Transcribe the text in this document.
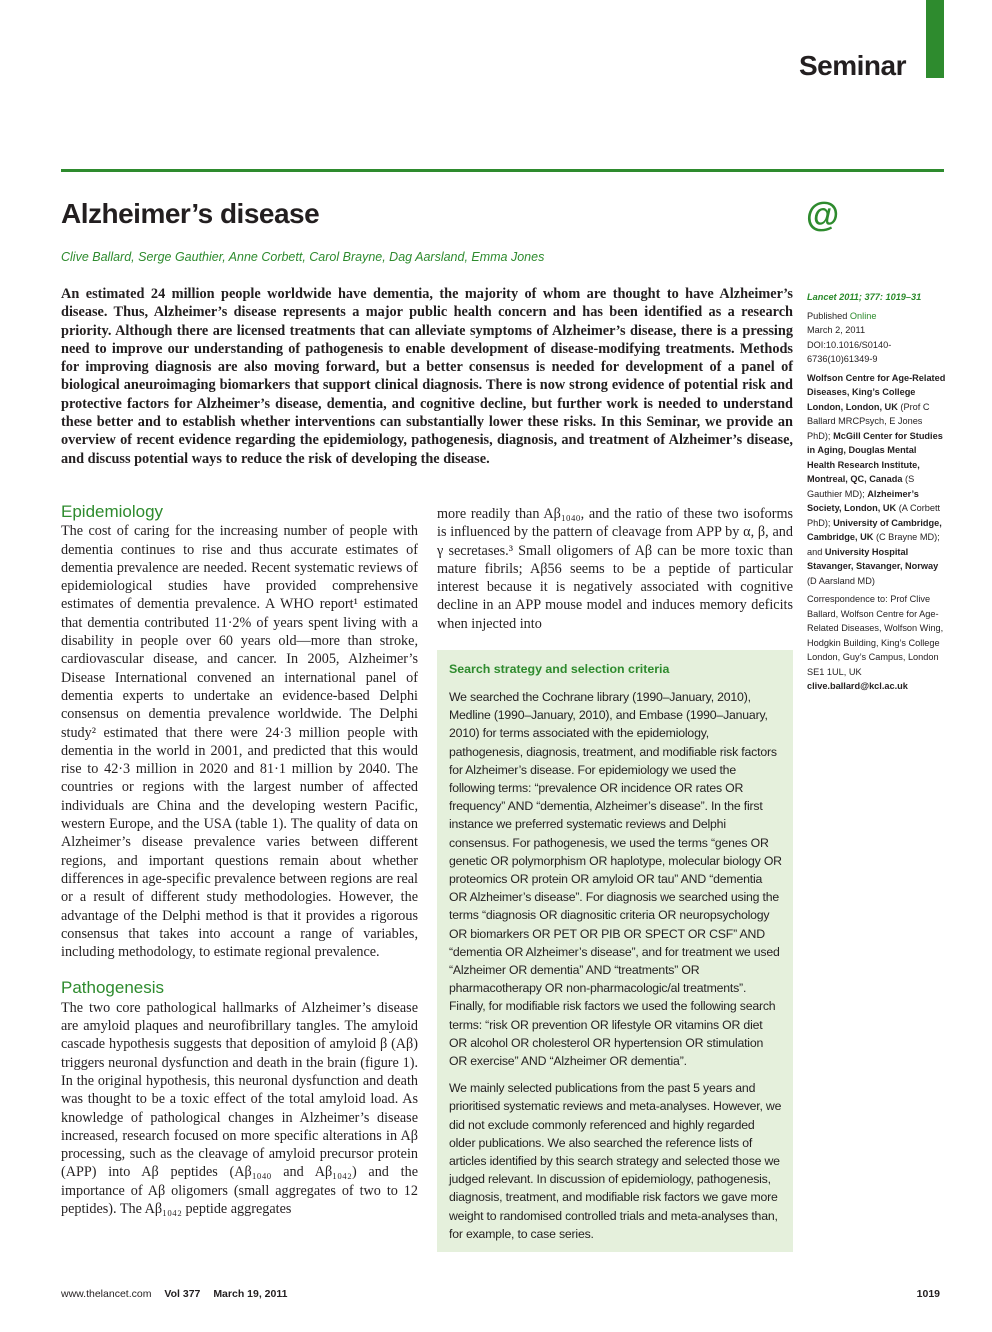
Seminar
Alzheimer’s disease	@
Clive Ballard, Serge Gauthier, Anne Corbett, Carol Brayne, Dag Aarsland, Emma Jones
An estimated 24 million people worldwide have dementia, the majority of whom are thought to have Alzheimer’s disease. Thus, Alzheimer’s disease represents a major public health concern and has been identified as a research priority. Although there are licensed treatments that can alleviate symptoms of Alzheimer’s disease, there is a pressing need to improve our understanding of pathogenesis to enable development of disease-modifying treatments. Methods for improving diagnosis are also moving forward, but a better consensus is needed for development of a panel of biological aneuroimaging biomarkers that support clinical diagnosis. There is now strong evidence of potential risk and protective factors for Alzheimer’s disease, dementia, and cognitive decline, but further work is needed to understand these better and to establish whether interventions can substantially lower these risks. In this Seminar, we provide an overview of recent evidence regarding the epidemiology, pathogenesis, diagnosis, and treatment of Alzheimer’s disease, and discuss potential ways to reduce the risk of developing the disease.
Epidemiology

The cost of caring for the increasing number of people with dementia continues to rise and thus accurate estimates of dementia prevalence are needed. Recent systematic reviews of epidemiological studies have provided comprehensive estimates of dementia prevalence. A WHO report¹ estimated that dementia contributed 11·2% of years spent living with a disability in people over 60 years old—more than stroke, cardiovascular disease, and cancer. In 2005, Alzheimer’s Disease International convened an international panel of dementia experts to undertake an evidence-based Delphi consensus on dementia prevalence worldwide. The Delphi study² estimated that there were 24·3 million people with dementia in the world in 2001, and predicted that this would rise to 42·3 million in 2020 and 81·1 million by 2040. The countries or regions with the largest number of affected individuals are China and the developing western Pacific, western Europe, and the USA (table 1). The quality of data on Alzheimer’s disease prevalence varies between different regions, and important questions remain about whether differences in age-specific prevalence between regions are real or a result of different study methodologies. However, the advantage of the Delphi method is that it provides a rigorous consensus that takes into account a range of variables, including methodology, to estimate regional prevalence.

Pathogenesis

The two core pathological hallmarks of Alzheimer’s disease are amyloid plaques and neurofibrillary tangles. The amyloid cascade hypothesis suggests that deposition of amyloid β (Aβ) triggers neuronal dysfunction and death in the brain (figure 1). In the original hypothesis, this neuronal dysfunction and death was thought to be a toxic effect of the total amyloid load. As knowledge of pathological changes in Alzheimer’s disease increased, research focused on more specific alterations in Aβ processing, such as the cleavage of amyloid precursor protein (APP) into Aβ peptides (Aβ₁₀₄₀ and Aβ₁₀₄₂) and the importance of Aβ oligomers (small aggregates of two to 12 peptides). The Aβ₁₀₄₂ peptide aggregates

more readily than Aβ₁₀₄₀, and the ratio of these two isoforms is influenced by the pattern of cleavage from APP by α, β, and γ secretases.³ Small oligomers of Aβ can be more toxic than mature fibrils; Aβ56 seems to be a peptide of particular interest because it is negatively associated with cognitive decline in an APP mouse model and induces memory deficits when injected into

Search strategy and selection criteria

We searched the Cochrane library (1990–January, 2010), Medline (1990–January, 2010), and Embase (1990–January, 2010) for terms associated with the epidemiology, pathogenesis, diagnosis, treatment, and modifiable risk factors for Alzheimer’s disease. For epidemiology we used the following terms: “prevalence OR incidence OR rates OR frequency” AND “dementia, Alzheimer’s disease”. In the first instance we preferred systematic reviews and Delphi consensus. For pathogenesis, we used the terms “genes OR genetic OR polymorphism OR haplotype, molecular biology OR proteomics OR protein OR amyloid OR tau” AND “dementia OR Alzheimer’s disease”. For diagnosis we searched using the terms “diagnosis OR diagnositic criteria OR neuropsychology OR biomarkers OR PET OR PIB OR SPECT OR CSF” AND “dementia OR Alzheimer’s disease”, and for treatment we used “Alzheimer OR dementia” AND “treatments” OR pharmacotherapy OR non-pharmacologic/al treatments”. Finally, for modifiable risk factors we used the following search terms: “risk OR prevention OR lifestyle OR vitamins OR diet OR alcohol OR cholesterol OR hypertension OR stimulation OR exercise” AND “Alzheimer OR dementia”.

We mainly selected publications from the past 5 years and prioritised systematic reviews and meta-analyses. However, we did not exclude commonly referenced and highly regarded older publications. We also searched the reference lists of articles identified by this search strategy and selected those we judged relevant. In discussion of epidemiology, pathogenesis, diagnosis, treatment, and modifiable risk factors we gave more weight to randomised controlled trials and meta-analyses than, for example, to case series.

Lancet 2011; 377: 1019–31

Published Online

March 2, 2011

DOI:10.1016/S0140-6736(10)61349-9

Wolfson Centre for Age-Related Diseases, King’s College London, London, UK (Prof C Ballard MRCPsych, E Jones PhD); McGill Center for Studies in Aging, Douglas Mental Health Research Institute, Montreal, QC, Canada (S Gauthier MD); Alzheimer’s Society, London, UK (A Corbett PhD); University of Cambridge, Cambridge, UK (C Brayne MD); and University Hospital Stavanger, Stavanger, Norway (D Aarsland MD)

Correspondence to: Prof Clive Ballard, Wolfson Centre for Age-Related Diseases, Wolfson Wing, Hodgkin Building, King’s College London, Guy’s Campus, London SE1 1UL, UK

clive.ballard@kcl.ac.uk

www.thelancet.com Vol 377 March 19, 2011	1019
